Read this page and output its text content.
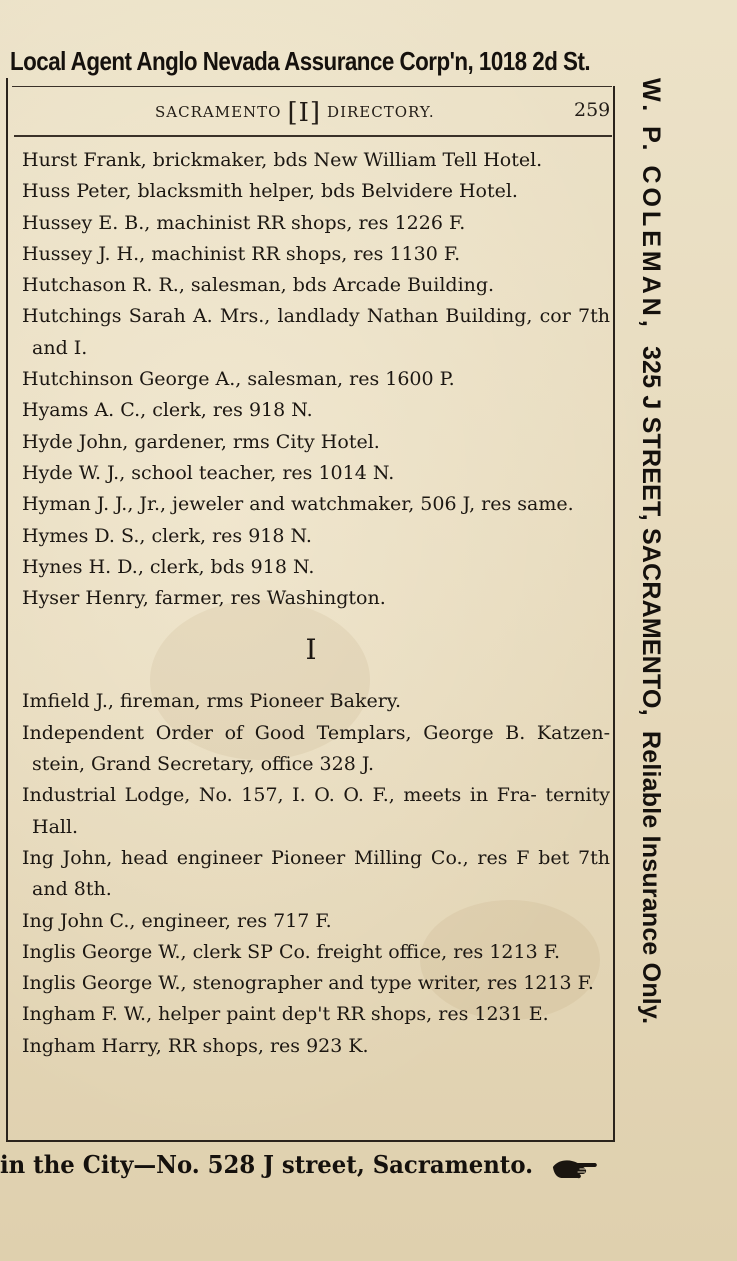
Local Agent Anglo Nevada Assurance Corp'n, 1018 2d St.
SACRAMENTO [I] DIRECTORY.	259
Hurst Frank, brickmaker, bds New William Tell Hotel.
Huss Peter, blacksmith helper, bds Belvidere Hotel.
Hussey E. B., machinist RR shops, res 1226 F.
Hussey J. H., machinist RR shops, res 1130 F.
Hutchason R. R., salesman, bds Arcade Building.
Hutchings Sarah A. Mrs., landlady Nathan Building, cor 7th and I.
Hutchinson George A., salesman, res 1600 P.
Hyams A. C., clerk, res 918 N.
Hyde John, gardener, rms City Hotel.
Hyde W. J., school teacher, res 1014 N.
Hyman J. J., Jr., jeweler and watchmaker, 506 J, res same.
Hymes D. S., clerk, res 918 N.
Hynes H. D., clerk, bds 918 N.
Hyser Henry, farmer, res Washington.
I
Imfield J., fireman, rms Pioneer Bakery.
Independent Order of Good Templars, George B. Katzen- stein, Grand Secretary, office 328 J.
Industrial Lodge, No. 157, I. O. O. F., meets in Fra- ternity Hall.
Ing John, head engineer Pioneer Milling Co., res F bet 7th and 8th.
Ing John C., engineer, res 717 F.
Inglis George W., clerk SP Co. freight office, res 1213 F.
Inglis George W., stenographer and type writer, res 1213 F.
Ingham F. W., helper paint dep't RR shops, res 1231 E.
Ingham Harry, RR shops, res 923 K.
W. P. COLEMAN, 325 J STREET, SACRAMENTO, Reliable Insurance Only.
in the City—No. 528 J street, Sacramento.
